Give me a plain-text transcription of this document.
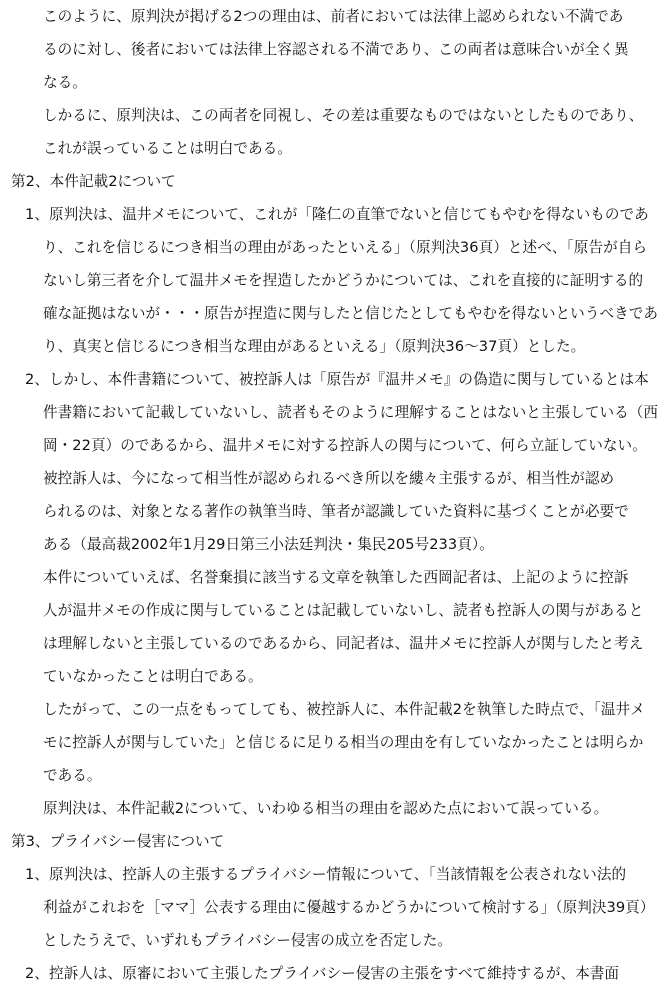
このように、原判決が掲げる2つの理由は、前者においては法律上認められない不満であ
るのに対し、後者においては法律上容認される不満であり、この両者は意味合いが全く異
なる。
しかるに、原判決は、この両者を同視し、その差は重要なものではないとしたものであり、
これが誤っていることは明白である。
第2、本件記載2について
1、原判決は、温井メモについて、これが「隆仁の直筆でないと信じてもやむを得ないものであ
り、これを信じるにつき相当の理由があったといえる」（原判決36頁）と述べ、「原告が自ら
ないし第三者を介して温井メモを捏造したかどうかについては、これを直接的に証明する的
確な証拠はないが・・・原告が捏造に関与したと信じたとしてもやむを得ないというべきであ
り、真実と信じるにつき相当な理由があるといえる」（原判決36～37頁）とした。
2、しかし、本件書籍について、被控訴人は「原告が『温井メモ』の偽造に関与しているとは本
件書籍において記載していないし、読者もそのように理解することはないと主張している（西
岡・22頁）のであるから、温井メモに対する控訴人の関与について、何ら立証していない。
被控訴人は、今になって相当性が認められるべき所以を縷々主張するが、相当性が認め
られるのは、対象となる著作の執筆当時、筆者が認識していた資料に基づくことが必要で
ある（最高裁2002年1月29日第三小法廷判決・集民205号233頁）。
本件についていえば、名誉棄損に該当する文章を執筆した西岡記者は、上記のように控訴
人が温井メモの作成に関与していることは記載していないし、読者も控訴人の関与があると
は理解しないと主張しているのであるから、同記者は、温井メモに控訴人が関与したと考え
ていなかったことは明白である。
したがって、この一点をもってしても、被控訴人に、本件記載2を執筆した時点で、「温井メ
モに控訴人が関与していた」と信じるに足りる相当の理由を有していなかったことは明らか
である。
原判決は、本件記載2について、いわゆる相当の理由を認めた点において誤っている。
第3、プライバシー侵害について
1、原判決は、控訴人の主張するプライバシー情報について、「当該情報を公表されない法的
利益がこれおを［ママ］公表する理由に優越するかどうかについて検討する」（原判決39頁）
としたうえで、いずれもプライバシー侵害の成立を否定した。
2、控訴人は、原審において主張したプライバシー侵害の主張をすべて維持するが、本書面
